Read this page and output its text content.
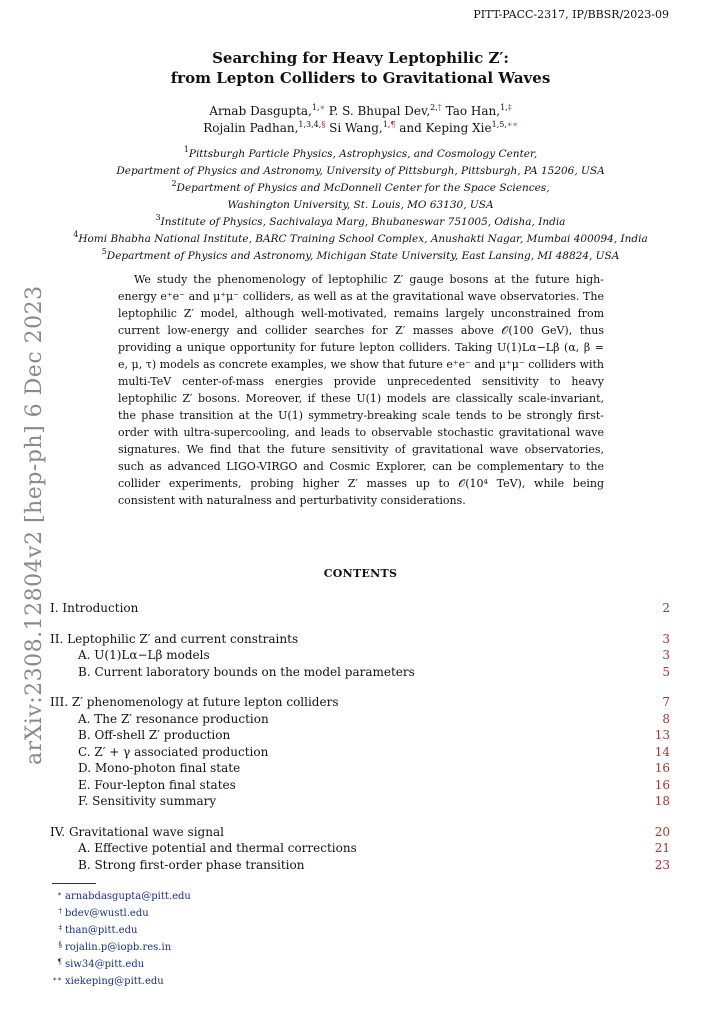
PITT-PACC-2317, IP/BBSR/2023-09
arXiv:2308.12804v2 [hep-ph] 6 Dec 2023
Searching for Heavy Leptophilic Z′:
from Lepton Colliders to Gravitational Waves
Arnab Dasgupta,$^{1,∗}$ P. S. Bhupal Dev,$^{2,\dagger}$ Tao Han,$^{1,\ddagger}$
Rojalin Padhan,$^{1,3,4,\S}$ Si Wang,$^{1,\P}$ and Keping Xie$^{1,5,∗∗}$
$^1$Pittsburgh Particle Physics, Astrophysics, and Cosmology Center,
Department of Physics and Astronomy, University of Pittsburgh, Pittsburgh, PA 15206, USA
$^2$Department of Physics and McDonnell Center for the Space Sciences,
Washington University, St. Louis, MO 63130, USA
$^3$Institute of Physics, Sachivalaya Marg, Bhubaneswar 751005, Odisha, India
$^4$Homi Bhabha National Institute, BARC Training School Complex, Anushakti Nagar, Mumbai 400094, India
$^5$Department of Physics and Astronomy, Michigan State University, East Lansing, MI 48824, USA

We study the phenomenology of leptophilic Z′ gauge bosons at the future high-energy e⁺e⁻ and μ⁺μ⁻ colliders, as well as at the gravitational wave observatories. The leptophilic Z′ model, although well-motivated, remains largely unconstrained from current low-energy and collider searches for Z′ masses above 𝒪(100 GeV), thus providing a unique opportunity for future lepton colliders. Taking U(1)Lα−Lβ (α, β = e, μ, τ) models as concrete examples, we show that future e⁺e⁻ and μ⁺μ⁻ colliders with multi-TeV center-of-mass energies provide unprecedented sensitivity to heavy leptophilic Z′ bosons. Moreover, if these U(1) models are classically scale-invariant, the phase transition at the U(1) symmetry-breaking scale tends to be strongly first-order with ultra-supercooling, and leads to observable stochastic gravitational wave signatures. We find that the future sensitivity of gravitational wave observatories, such as advanced LIGO-VIRGO and Cosmic Explorer, can be complementary to the collider experiments, probing higher Z′ masses up to 𝒪(10⁴ TeV), while being consistent with naturalness and perturbativity considerations.

CONTENTS
I. Introduction	2
II. Leptophilic Z′ and current constraints	3
A. U(1)Lα−Lβ models	3
B. Current laboratory bounds on the model parameters	5
III. Z′ phenomenology at future lepton colliders	7
A. The Z′ resonance production	8
B. Off-shell Z′ production	13
C. Z′ + γ associated production	14
D. Mono-photon final state	16
E. Four-lepton final states	16
F. Sensitivity summary	18
IV. Gravitational wave signal	20
A. Effective potential and thermal corrections	21
B. Strong first-order phase transition	23
∗ arnabdasgupta@pitt.edu
† bdev@wustl.edu
‡ than@pitt.edu
§ rojalin.p@iopb.res.in
¶ siw34@pitt.edu
∗∗ xiekeping@pitt.edu
